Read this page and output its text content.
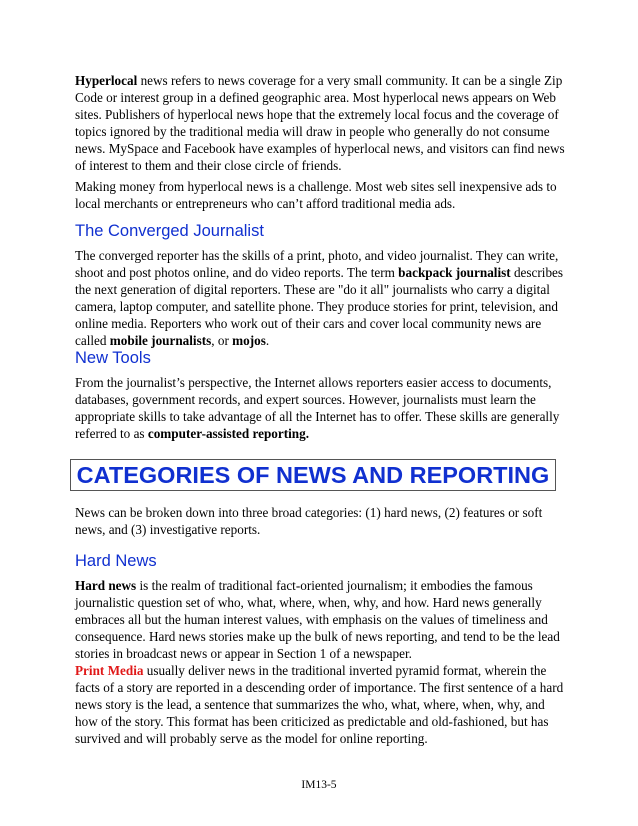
Hyperlocal news refers to news coverage for a very small community. It can be a single Zip Code or interest group in a defined geographic area. Most hyperlocal news appears on Web sites. Publishers of hyperlocal news hope that the extremely local focus and the coverage of topics ignored by the traditional media will draw in people who generally do not consume news. MySpace and Facebook have examples of hyperlocal news, and visitors can find news of interest to them and their close circle of friends.

Making money from hyperlocal news is a challenge. Most web sites sell inexpensive ads to local merchants or entrepreneurs who can’t afford traditional media ads.

The Converged Journalist

The converged reporter has the skills of a print, photo, and video journalist. They can write, shoot and post photos online, and do video reports. The term backpack journalist describes the next generation of digital reporters. These are "do it all" journalists who carry a digital camera, laptop computer, and satellite phone. They produce stories for print, television, and online media. Reporters who work out of their cars and cover local community news are called mobile journalists, or mojos.

New Tools

From the journalist’s perspective, the Internet allows reporters easier access to documents, databases, government records, and expert sources. However, journalists must learn the appropriate skills to take advantage of all the Internet has to offer. These skills are generally referred to as computer-assisted reporting.

CATEGORIES OF NEWS AND REPORTING

News can be broken down into three broad categories: (1) hard news, (2) features or soft news, and (3) investigative reports.

Hard News

Hard news is the realm of traditional fact-oriented journalism; it embodies the famous journalistic question set of who, what, where, when, why, and how. Hard news generally embraces all but the human interest values, with emphasis on the values of timeliness and consequence. Hard news stories make up the bulk of news reporting, and tend to be the lead stories in broadcast news or appear in Section 1 of a newspaper.

Print Media usually deliver news in the traditional inverted pyramid format, wherein the facts of a story are reported in a descending order of importance. The first sentence of a hard news story is the lead, a sentence that summarizes the who, what, where, when, why, and how of the story. This format has been criticized as predictable and old-fashioned, but has survived and will probably serve as the model for online reporting.

IM13-5
